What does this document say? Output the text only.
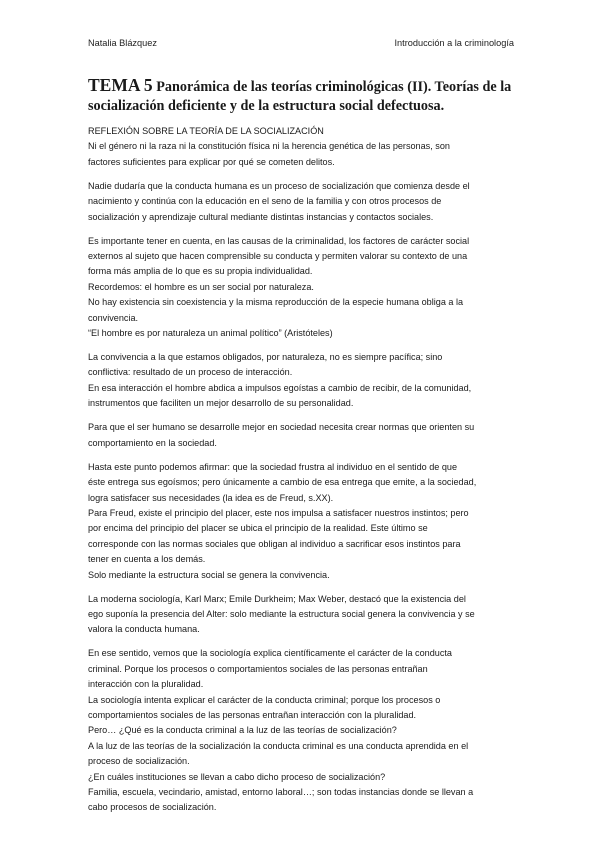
Natalia Blázquez	Introducción a la criminología
TEMA 5 Panorámica de las teorías criminológicas (II). Teorías de la socialización deficiente y de la estructura social defectuosa.

REFLEXIÓN SOBRE LA TEORÍA DE LA SOCIALIZACIÓN
Ni el género ni la raza ni la constitución física ni la herencia genética de las personas, son
factores suficientes para explicar por qué se cometen delitos.

Nadie dudaría que la conducta humana es un proceso de socialización que comienza desde el
nacimiento y continúa con la educación en el seno de la familia y con otros procesos de
socialización y aprendizaje cultural mediante distintas instancias y contactos sociales.

Es importante tener en cuenta, en las causas de la criminalidad, los factores de carácter social
externos al sujeto que hacen comprensible su conducta y permiten valorar su contexto de una
forma más amplia de lo que es su propia individualidad.
Recordemos: el hombre es un ser social por naturaleza.
No hay existencia sin coexistencia y la misma reproducción de la especie humana obliga a la
convivencia.
“El hombre es por naturaleza un animal político” (Aristóteles)

La convivencia a la que estamos obligados, por naturaleza, no es siempre pacífica; sino
conflictiva: resultado de un proceso de interacción.
En esa interacción el hombre abdica a impulsos egoístas a cambio de recibir, de la comunidad,
instrumentos que faciliten un mejor desarrollo de su personalidad.

Para que el ser humano se desarrolle mejor en sociedad necesita crear normas que orienten su
comportamiento en la sociedad.

Hasta este punto podemos afirmar: que la sociedad frustra al individuo en el sentido de que
éste entrega sus egoísmos; pero únicamente a cambio de esa entrega que emite, a la sociedad,
logra satisfacer sus necesidades (la idea es de Freud, s.XX).
Para Freud, existe el principio del placer, este nos impulsa a satisfacer nuestros instintos; pero
por encima del principio del placer se ubica el principio de la realidad. Este último se
corresponde con las normas sociales que obligan al individuo a sacrificar esos instintos para
tener en cuenta a los demás.
Solo mediante la estructura social se genera la convivencia.

La moderna sociología, Karl Marx; Emile Durkheim; Max Weber, destacó que la existencia del
ego suponía la presencia del Alter: solo mediante la estructura social genera la convivencia y se
valora la conducta humana.

En ese sentido, vemos que la sociología explica científicamente el carácter de la conducta
criminal. Porque los procesos o comportamientos sociales de las personas entrañan
interacción con la pluralidad.
La sociología intenta explicar el carácter de la conducta criminal; porque los procesos o
comportamientos sociales de las personas entrañan interacción con la pluralidad.
Pero… ¿Qué es la conducta criminal a la luz de las teorías de socialización?
A la luz de las teorías de la socialización la conducta criminal es una conducta aprendida en el
proceso de socialización.
¿En cuáles instituciones se llevan a cabo dicho proceso de socialización?
Familia, escuela, vecindario, amistad, entorno laboral…; son todas instancias donde se llevan a
cabo procesos de socialización.
